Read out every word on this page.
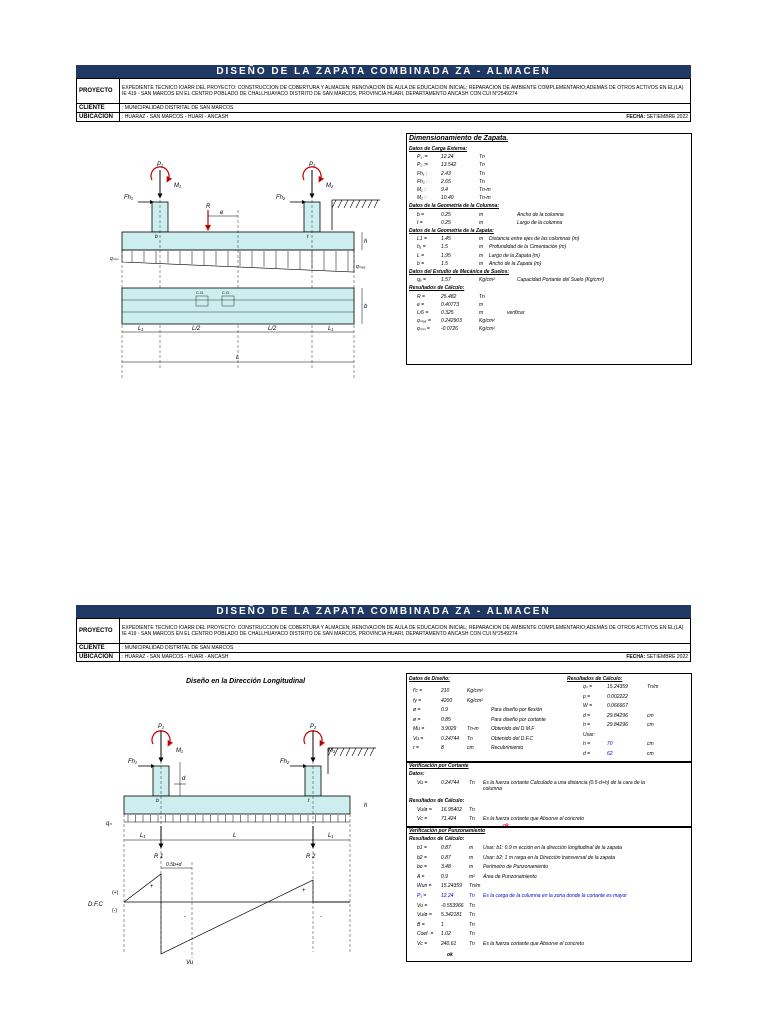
DISEÑO DE LA ZAPATA COMBINADA ZA - ALMACEN
PROYECTO	EXPEDIENTE TECNICO IOARR DEL PROYECTO: CONSTRUCCION DE COBERTURA Y ALMACEN; RENOVACION DE AULA DE EDUCACION INICIAL; REPARACION DE AMBIENTE COMPLEMENTARIO;ADEMÁS DE OTROS ACTIVOS EN EL(LA) IE 419 - SAN MARCOS EN EL CENTRO POBLADO DE CHALLHUAYACO DISTRITO DE SAN MARCOS, PROVINCIA HUARI, DEPARTAMENTO ANCASH CON CUI N°2549274
CLIENTE	: MUNICIPALIDAD DISTRITAL DE SAN MARCOS
UBICACIÓN	: HUARAZ - SAN MARCOS - HUARI - ANCASH FECHA: SETIEMBRE 2022
P₁	P₂
M₁	M₂
Fh₁	Fh₂
R
e
h
b	t
qₘᵢₙ
qₘₐₓ
C.G.	C.G.
b
L₁	L/2	L/2	L₁
L
Dimensionamiento de Zapata.
Datos de Carga Externa:
P₁ :=	12.24	Tn
P₂ :=	13.542	Tn
Fh₁ :	2.43	Tn
Fh₂ :	2.65	Tn
M₁ :	9.4	Tn-m
M₂ :	10.40	Tn-m
Datos de la Geometría de la Columna:
b =	0.25	m	Ancho de la columna
t =	0.25	m	Largo de la columna
Datos de la Geometría de la Zapata:
L1 =	1.45	m Distancia entre ejes de las columnas (m)
h₁ =	1.5	m Profundidad de la Cimentación (m)
L =	1.95	m Largo de la Zapata (m)
b =	1.5	m Ancho de la Zapata (m)
Datos del Estudio de Mecánica de Suelos:
qₐ =	1.57	Kg/cm²	Capacidad Portante del Suelo (Kg/cm²)
Resultados de Cálculo:
R =	25.482	Tn
e =	0.40773	m
L/6 =	0.325	m	verificar
qₘₐₓ = 0.242903	Kg/cm²
qₘᵢₙ = -0.0726	Kg/cm²
DISEÑO DE LA ZAPATA COMBINADA ZA - ALMACEN
PROYECTO	EXPEDIENTE TECNICO IOARR DEL PROYECTO: CONSTRUCCION DE COBERTURA Y ALMACEN; RENOVACION DE AULA DE EDUCACION INICIAL; REPARACION DE AMBIENTE COMPLEMENTARIO;ADEMÁS DE OTROS ACTIVOS EN EL(LA) IE 419 - SAN MARCOS EN EL CENTRO POBLADO DE CHALLHUAYACO DISTRITO DE SAN MARCOS, PROVINCIA HUARI, DEPARTAMENTO ANCASH CON CUI N°2549274
CLIENTE	: MUNICIPALIDAD DISTRITAL DE SAN MARCOS
UBICACIÓN	: HUARAZ - SAN MARCOS - HUARI - ANCASH FECHA: SETIEMBRE 2022
Diseño en la Dirección Longitudinal
P₁	P₂
M₁	M₂
Fh₁	Fh₂
d
h
b	t
qₙ
L₁	L	L₁
R 1	R 2
0.5b+d
D.F.C
(+)
(-)
+
+
-	-
Vu
Datos de Diseño:	Resultados de Cálculo:
f'c =	210	Kg/cm²
fy =	4200	Kg/cm²
ø =	0.9	Para diseño por flexión
ø =	0.85	Para diseño por cortante
Mu =	3.9029 Tn-m Obtenido del D.M.F
Vu =	0.24744 Tn	Obtenido del D.F.C
r =	8	cm	Recubrimiento
qₙ =	15.24359	Tn/m
p =	0.002222
W =	0.066667
d =	29.84296	cm
h =	29.84296	cm
Usar:
h =	70	cm
d =	62	cm
Verificación por Cortante
Datos:
Vu =	0.24744 Tn Es la fuerza cortante Calculado a una distancia (0.5·d+h) de la cara de la columna
Resultados de Cálculo:
Vu/ø = 16.95402 Tn
Vc =	71.424	Tn Es la fuerza cortante que Absorve el concreto
ok
Verificación por Punzonamiento
Resultados de Cálculo:
b1 =	0.87	m Usar: b1: 0.9 m ección en la dirección longitudinal de la zapata
b2 =	0.87	m Usar: b2: 1 m rarga en la Dirección transversal de la zapata
bo =	3.48	m Perímetro de Punzonamiento
A =	0.9	m² Área de Punzonamiento
Wun = 15.24359 Tn/m
P₁ =	12.24	Tn Es la carga de la columna en la zona donde la cortante es mayor
Vu =	-0.553966 Tn
Vu/ø = 5.342181 Tn
B =	1	Tn
Coef. = 1.02	Tn
Vc =	240.61	Tn Es la fuerza cortante que Absorve el concreto
ok
